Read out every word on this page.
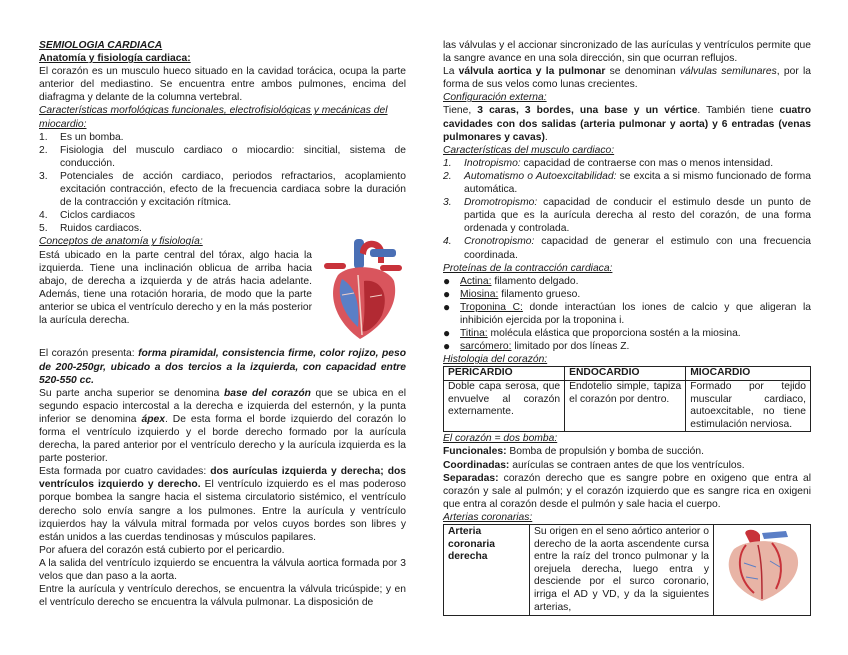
SEMIOLOGIA CARDIACA
Anatomía y fisiología cardiaca:

El corazón es un musculo hueco situado en la cavidad torácica, ocupa la parte anterior del mediastino. Se encuentra entre ambos pulmones, encima del diafragma y delante de la columna vertebral.

Características morfológicas funcionales, electrofisiológicas y mecánicas del miocardio:
1.	Es un bomba.
2.	Fisiologia del musculo cardiaco o miocardio: sincitial, sistema de conducción.
3.	Potenciales de acción cardiaco, periodos refractarios, acoplamiento excitación contracción, efecto de la frecuencia cardiaca sobre la duración de la contracción y excitación rítmica.
4.	Ciclos cardiacos
5.	Ruidos cardiacos.
Conceptos de anatomía y fisiología:

Está ubicado en la parte central del tórax, algo hacia la izquierda. Tiene una inclinación oblicua de arriba hacia abajo, de derecha a izquierda y de atrás hacia adelante. Además, tiene una rotación horaria, de modo que la parte anterior se ubica el ventrículo derecho y en la más posterior la aurícula derecha.

El corazón presenta: forma piramidal, consistencia firme, color rojizo, peso de 200-250gr, ubicado a dos tercios a la izquierda, con capacidad entre 520-550 cc.

Su parte ancha superior se denomina base del corazón que se ubica en el segundo espacio intercostal a la derecha e izquierda del esternón, y la punta inferior se denomina ápex. De esta forma el borde izquierdo del corazón lo forma el ventrículo izquierdo y el borde derecho formado por la aurícula derecha, la pared anterior por el ventrículo derecho y la aurícula izquierda es la parte posterior.

Esta formada por cuatro cavidades: dos aurículas izquierda y derecha; dos ventrículos izquierdo y derecho. El ventrículo izquierdo es el mas poderoso porque bombea la sangre hacia el sistema circulatorio sistémico, el ventrículo derecho solo envía sangre a los pulmones. Entre la aurícula y ventrículo izquierdos hay la válvula mitral formada por velos cuyos bordes son libres y están unidos a las cuerdas tendinosas y músculos papilares.

Por afuera del corazón está cubierto por el pericardio.

A la salida del ventrículo izquierdo se encuentra la válvula aortica formada por 3 velos que dan paso a la aorta.

Entre la aurícula y ventrículo derechos, se encuentra la válvula tricúspide; y en el ventrículo derecho se encuentra la válvula pulmonar. La disposición de

las válvulas y el accionar sincronizado de las aurículas y ventrículos permite que la sangre avance en una sola dirección, sin que ocurran reflujos.

La válvula aortica y la pulmonar se denominan válvulas semilunares, por la forma de sus velos como lunas crecientes.

Configuración externa:

Tiene, 3 caras, 3 bordes, una base y un vértice. También tiene cuatro cavidades con dos salidas (arteria pulmonar y aorta) y 6 entradas (venas pulmonares y cavas).

Características del musculo cardiaco:
1.	Inotropismo: capacidad de contraerse con mas o menos intensidad.
2.	Automatismo o Autoexcitabilidad: se excita a si mismo funcionado de forma automática.
3.	Dromotropismo: capacidad de conducir el estimulo desde un punto de partida que es la aurícula derecha al resto del corazón, de una forma ordenada y controlada.
4.	Cronotropismo: capacidad de generar el estimulo con una frecuencia coordinada.
Proteínas de la contracción cardiaca:
● Actina: filamento delgado.
● Miosina: filamento grueso.
● Troponina C: donde interactúan los iones de calcio y que aligeran la inhibición ejercida por la troponina i.
● Titina: molécula elástica que proporciona sostén a la miosina.
● sarcómero: limitado por dos líneas Z.
Histologia del corazón:
PERICARDIO	ENDOCARDIO	MIOCARDIO
Doble capa serosa, que envuelve al corazón externamente.	Endotelio simple, tapiza el corazón por dentro.	Formado por tejido muscular cardiaco, autoexcitable, no tiene estimulación nerviosa.
El corazón = dos bomba:

Funcionales: Bomba de propulsión y bomba de succión.

Coordinadas: aurículas se contraen antes de que los ventrículos.

Separadas: corazón derecho que es sangre pobre en oxigeno que entra al corazón y sale al pulmón; y el corazón izquierdo que es sangre rica en oxigeni que entra al corazón desde el pulmón y sale hacia el cuerpo.

Arterias coronarias:
Arteria coronaria derecha	Su origen en el seno aórtico anterior o derecho de la aorta ascendente cursa entre la raíz del tronco pulmonar y la orejuela derecha, luego entra y desciende por el surco coronario, irriga el AD y VD, y da la siguientes arterias,	
